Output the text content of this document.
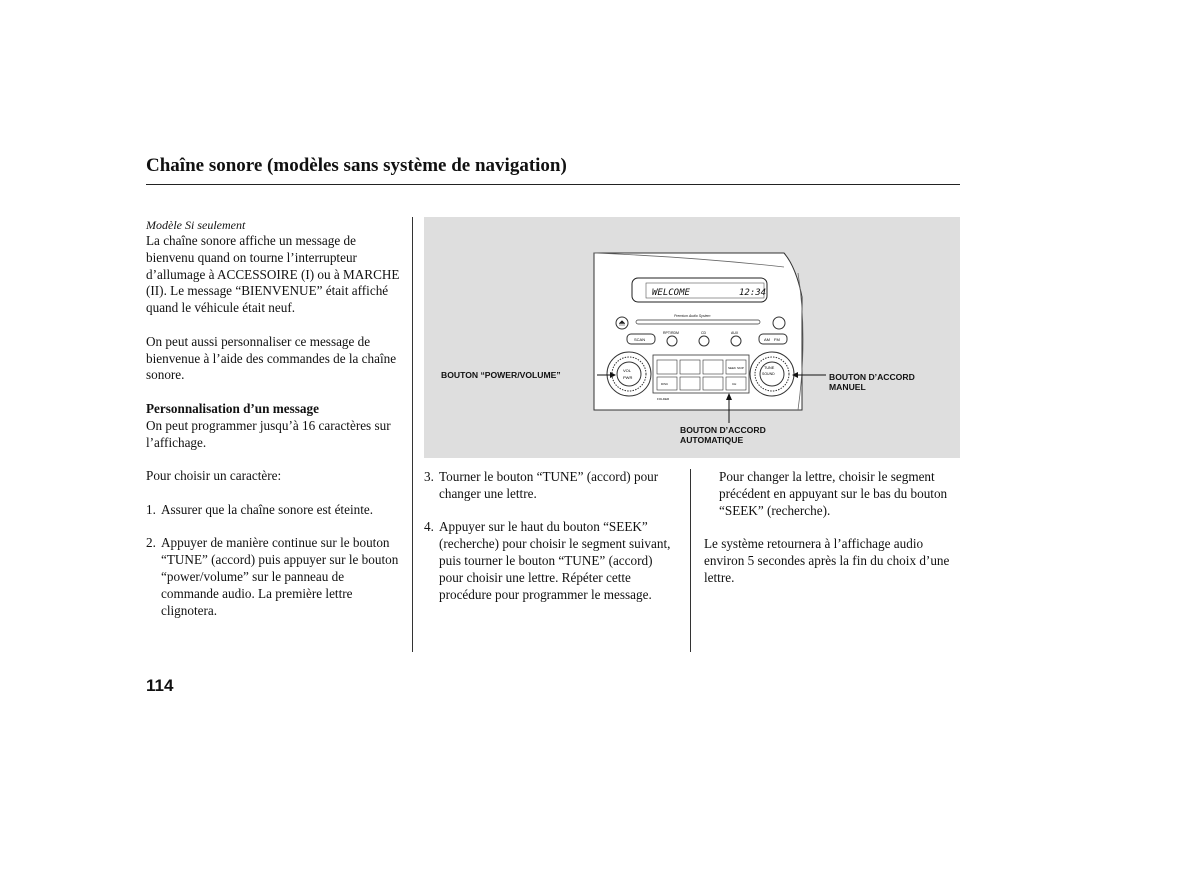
Chaîne sonore (modèles sans système de navigation)
Modèle Si seulement

La chaîne sonore affiche un message de bienvenu quand on tourne l’interrupteur d’allumage à ACCESSOIRE (I) ou à MARCHE (II). Le message “BIENVENUE” était affiché quand le véhicule était neuf.

On peut aussi personnaliser ce message de bienvenue à l’aide des commandes de la chaîne sonore.

Personnalisation d’un message

On peut programmer jusqu’à 16 caractères sur l’affichage.

Pour choisir un caractère:

1. Assurer que la chaîne sonore est éteinte.
2. Appuyer de manière continue sur le bouton “TUNE” (accord) puis appuyer sur le bouton “power/volume” sur le panneau de commande audio. La première lettre clignotera.
WELCOME	12:34
Premium Audio System
SCAN
RPT/RDM	CD	AUX
AM FM
VOL
PWR
TUNE
SOUND
SEEK SKIP
DISC	CH
FOLDER
BOUTON “POWER/VOLUME”	BOUTON D’ACCORD
MANUEL
BOUTON D’ACCORD
AUTOMATIQUE
3. Tourner le bouton “TUNE” (accord) pour changer une lettre.
4. Appuyer sur le haut du bouton “SEEK” (recherche) pour choisir le segment suivant, puis tourner le bouton “TUNE” (accord) pour choisir une lettre. Répéter cette procédure pour programmer le message.

Pour changer la lettre, choisir le segment précédent en appuyant sur le bas du bouton “SEEK” (recherche).

Le système retournera à l’affichage audio environ 5 secondes après la fin du choix d’une lettre.

114
